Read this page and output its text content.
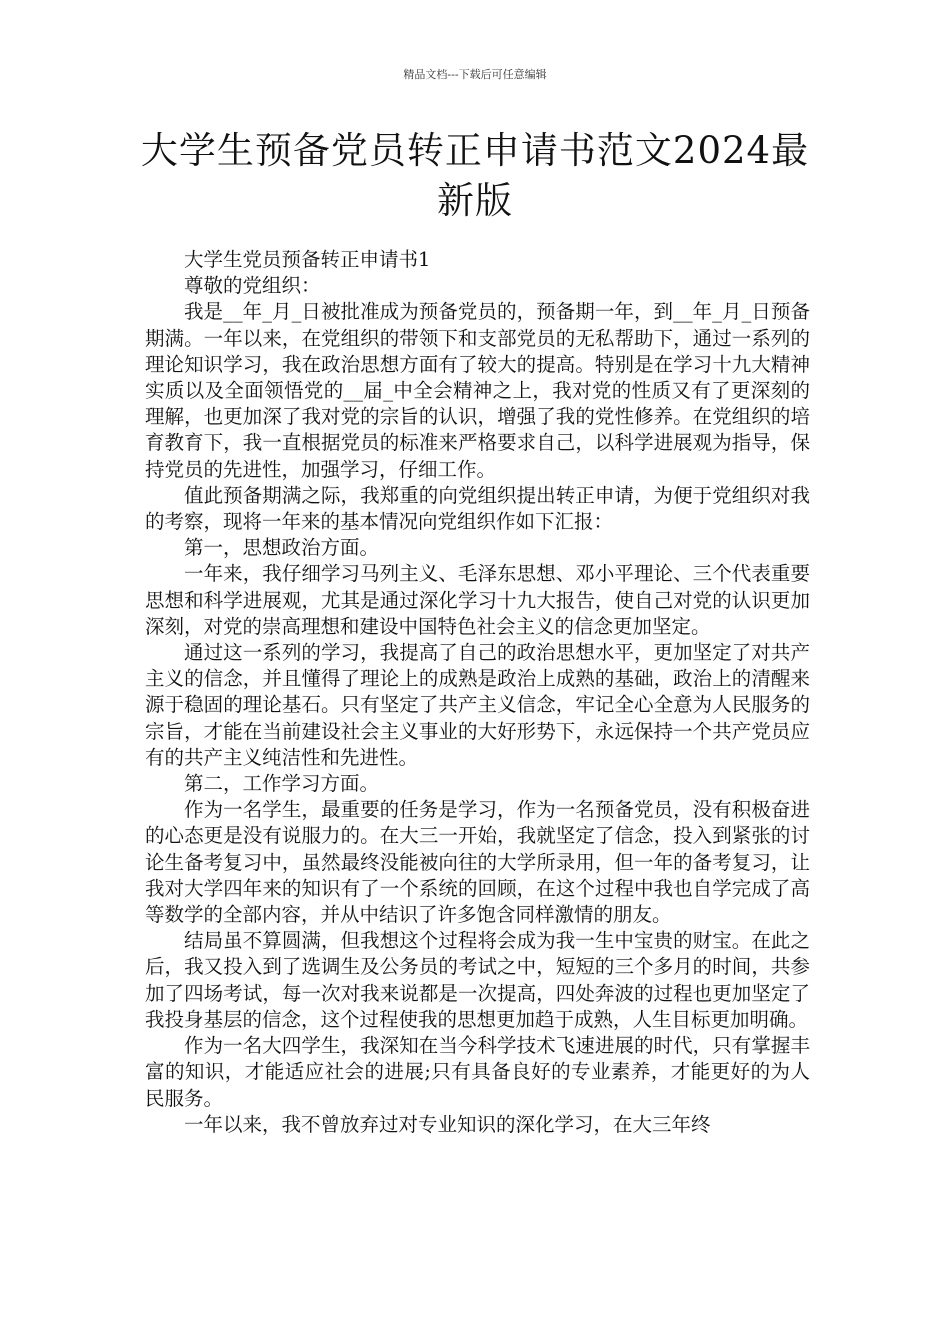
精品文档---下载后可任意编辑
大学生预备党员转正申请书范文2024最新版

大学生党员预备转正申请书1

尊敬的党组织：

我是__年_月_日被批准成为预备党员的，预备期一年，到__年_月_日预备期满。一年以来，在党组织的带领下和支部党员的无私帮助下，通过一系列的理论知识学习，我在政治思想方面有了较大的提高。特别是在学习十九大精神实质以及全面领悟党的__届_中全会精神之上，我对党的性质又有了更深刻的理解，也更加深了我对党的宗旨的认识，增强了我的党性修养。在党组织的培育教育下，我一直根据党员的标准来严格要求自己，以科学进展观为指导，保持党员的先进性，加强学习，仔细工作。

值此预备期满之际，我郑重的向党组织提出转正申请，为便于党组织对我的考察，现将一年来的基本情况向党组织作如下汇报：

第一，思想政治方面。

一年来，我仔细学习马列主义、毛泽东思想、邓小平理论、三个代表重要思想和科学进展观，尤其是通过深化学习十九大报告，使自己对党的认识更加深刻，对党的崇高理想和建设中国特色社会主义的信念更加坚定。

通过这一系列的学习，我提高了自己的政治思想水平，更加坚定了对共产主义的信念，并且懂得了理论上的成熟是政治上成熟的基础，政治上的清醒来源于稳固的理论基石。只有坚定了共产主义信念，牢记全心全意为人民服务的宗旨，才能在当前建设社会主义事业的大好形势下，永远保持一个共产党员应有的共产主义纯洁性和先进性。

第二，工作学习方面。

作为一名学生，最重要的任务是学习，作为一名预备党员，没有积极奋进的心态更是没有说服力的。在大三一开始，我就坚定了信念，投入到紧张的讨论生备考复习中，虽然最终没能被向往的大学所录用，但一年的备考复习，让我对大学四年来的知识有了一个系统的回顾，在这个过程中我也自学完成了高等数学的全部内容，并从中结识了许多饱含同样激情的朋友。

结局虽不算圆满，但我想这个过程将会成为我一生中宝贵的财宝。在此之后，我又投入到了选调生及公务员的考试之中，短短的三个多月的时间，共参加了四场考试，每一次对我来说都是一次提高，四处奔波的过程也更加坚定了我投身基层的信念，这个过程使我的思想更加趋于成熟，人生目标更加明确。

作为一名大四学生，我深知在当今科学技术飞速进展的时代，只有掌握丰富的知识，才能适应社会的进展;只有具备良好的专业素养，才能更好的为人民服务。

一年以来，我不曾放弃过对专业知识的深化学习，在大三年终
